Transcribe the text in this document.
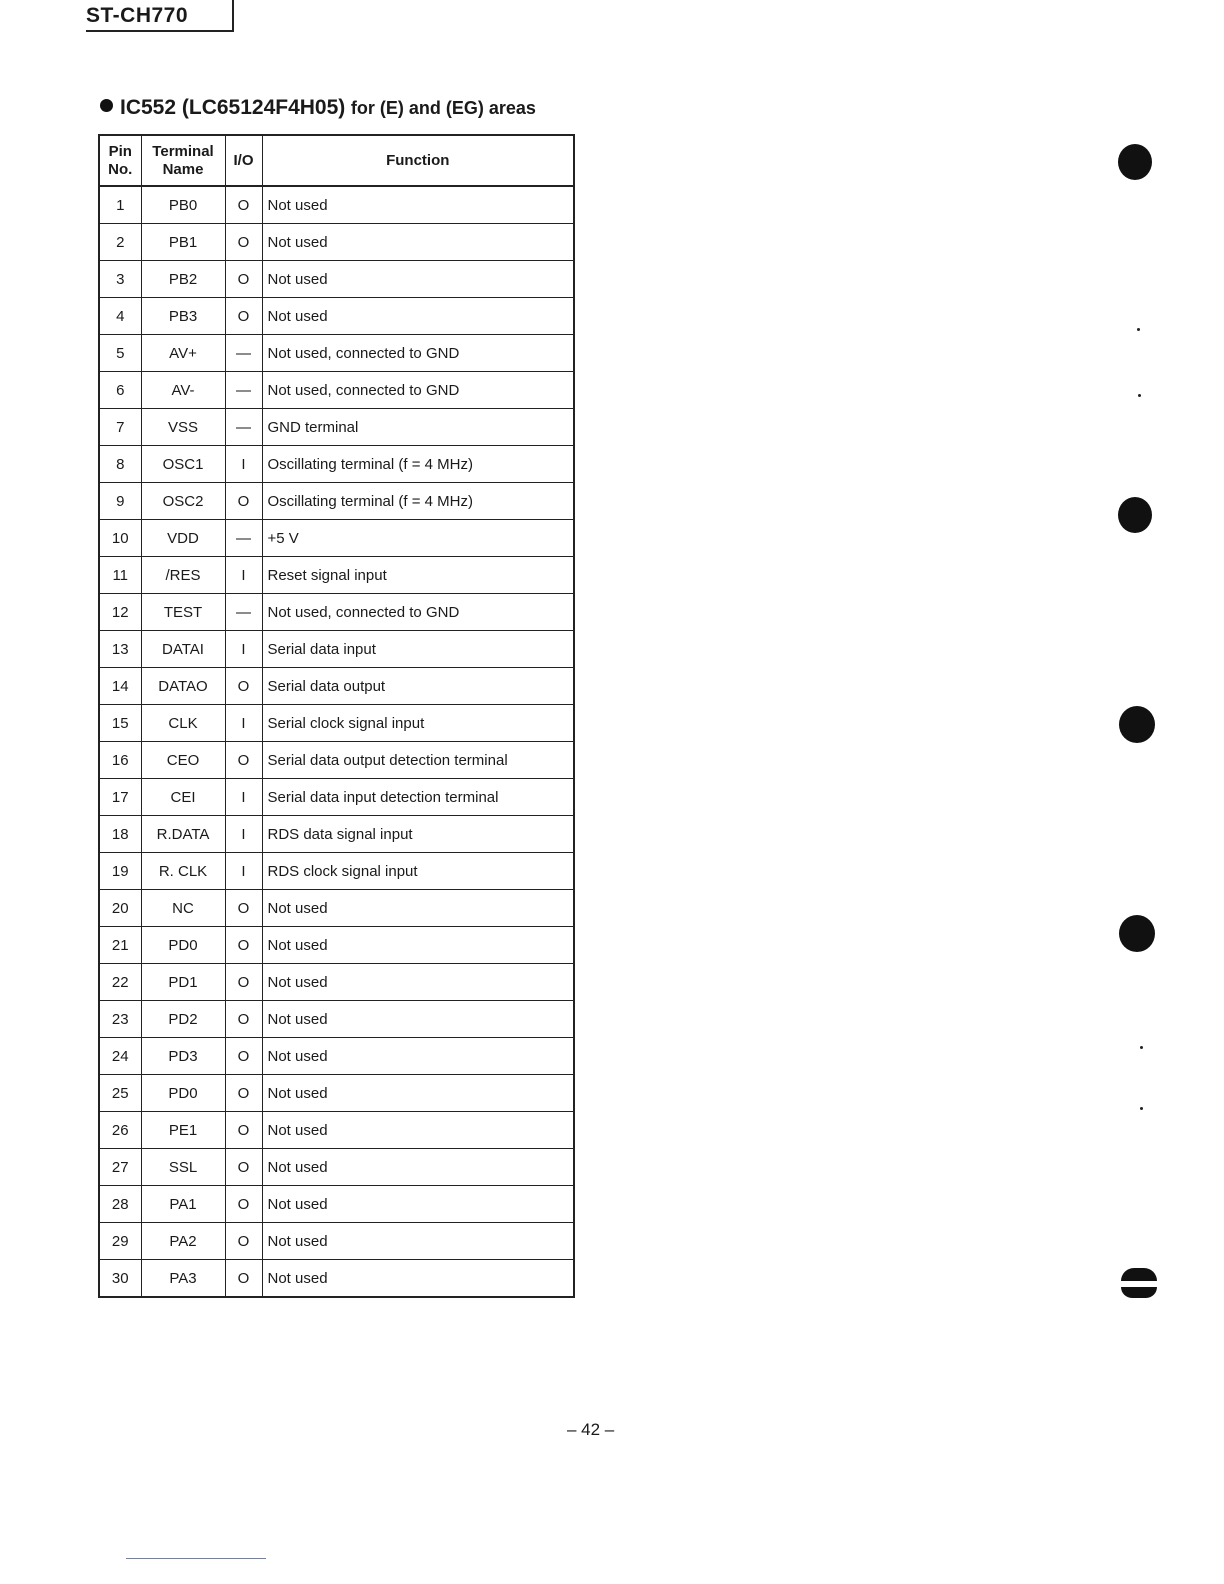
ST-CH770
IC552 (LC65124F4H05) for (E) and (EG) areas
Pin No.	Terminal Name	I/O	Function
1	PB0	O	Not used
2	PB1	O	Not used
3	PB2	O	Not used
4	PB3	O	Not used
5	AV+	—	Not used, connected to GND
6	AV-	—	Not used, connected to GND
7	VSS	—	GND terminal
8	OSC1	I	Oscillating terminal (f = 4 MHz)
9	OSC2	O	Oscillating terminal (f = 4 MHz)
10	VDD	—	+5 V
11	/RES	I	Reset signal input
12	TEST	—	Not used, connected to GND
13	DATAI	I	Serial data input
14	DATAO	O	Serial data output
15	CLK	I	Serial clock signal input
16	CEO	O	Serial data output detection terminal
17	CEI	I	Serial data input detection terminal
18	R.DATA	I	RDS data signal input
19	R. CLK	I	RDS clock signal input
20	NC	O	Not used
21	PD0	O	Not used
22	PD1	O	Not used
23	PD2	O	Not used
24	PD3	O	Not used
25	PD0	O	Not used
26	PE1	O	Not used
27	SSL	O	Not used
28	PA1	O	Not used
29	PA2	O	Not used
30	PA3	O	Not used
– 42 –
